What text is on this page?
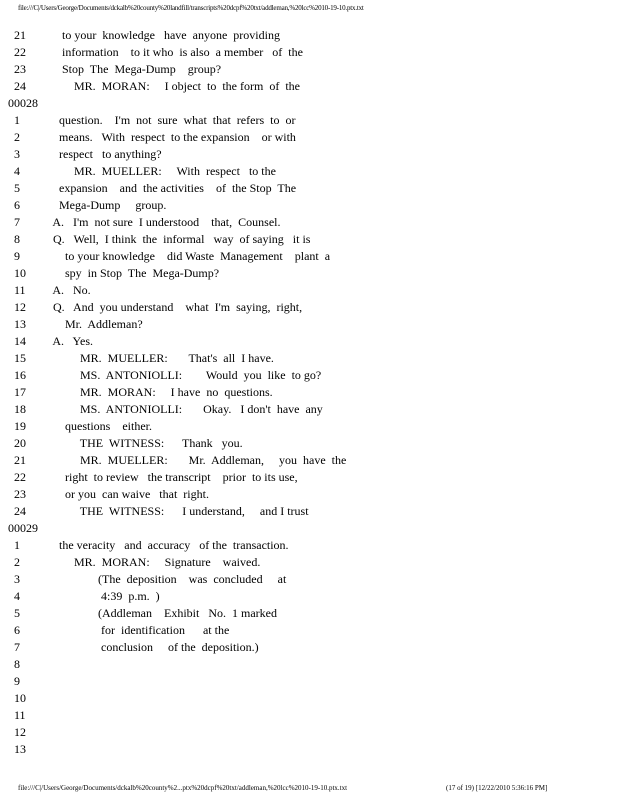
file:///C|/Users/George/Documents/dckalb%20county%20landfill/transcripts%20dcpf%20txt/addleman,%20lcc%2010-19-10.ptx.txt
21	to your  knowledge   have  anyone  providing
22	information    to it who  is also  a member   of  the
23	Stop  The  Mega-Dump    group?
24	MR.  MORAN:     I object  to  the form  of  the
00028
1	question.    I'm  not  sure  what  that  refers  to  or
2	means.   With  respect  to the expansion    or with
3	respect   to anything?
4	MR.  MUELLER:     With  respect   to the
5	expansion    and  the activities    of  the Stop  The
6	Mega-Dump     group.
7	A.   I'm  not sure  I understood    that,  Counsel.
8	Q.   Well,  I think  the  informal   way  of saying   it is
9	to your knowledge    did Waste  Management    plant  a
10	spy  in Stop  The  Mega-Dump?
11	A.   No.
12	Q.   And  you understand    what  I'm  saying,  right,
13	Mr.  Addleman?
14	A.   Yes.
15	MR.  MUELLER:       That's  all  I have.
16	MS.  ANTONIOLLI:        Would  you  like  to go?
17	MR.  MORAN:     I have  no  questions.
18	MS.  ANTONIOLLI:       Okay.   I don't  have  any
19	questions    either.
20	THE  WITNESS:      Thank   you.
21	MR.  MUELLER:       Mr.  Addleman,     you  have  the
22	right  to review   the transcript    prior  to its use,
23	or you  can waive   that  right.
24	THE  WITNESS:      I understand,     and I trust
00029
1	the veracity   and  accuracy   of the  transaction.
2	MR.  MORAN:     Signature    waived.
3	(The  deposition    was  concluded     at
4	4:39  p.m.  )
5	(Addleman    Exhibit   No.  1 marked
6	for  identification      at the
7	conclusion     of the  deposition.)
8
9
10
11
12
13
file:///C|/Users/George/Documents/dckalb%20county%2...ptx%20dcpf%20txt/addleman,%20lcc%2010-19-10.ptx.txt	(17 of 19) [12/22/2010 5:36:16 PM]
